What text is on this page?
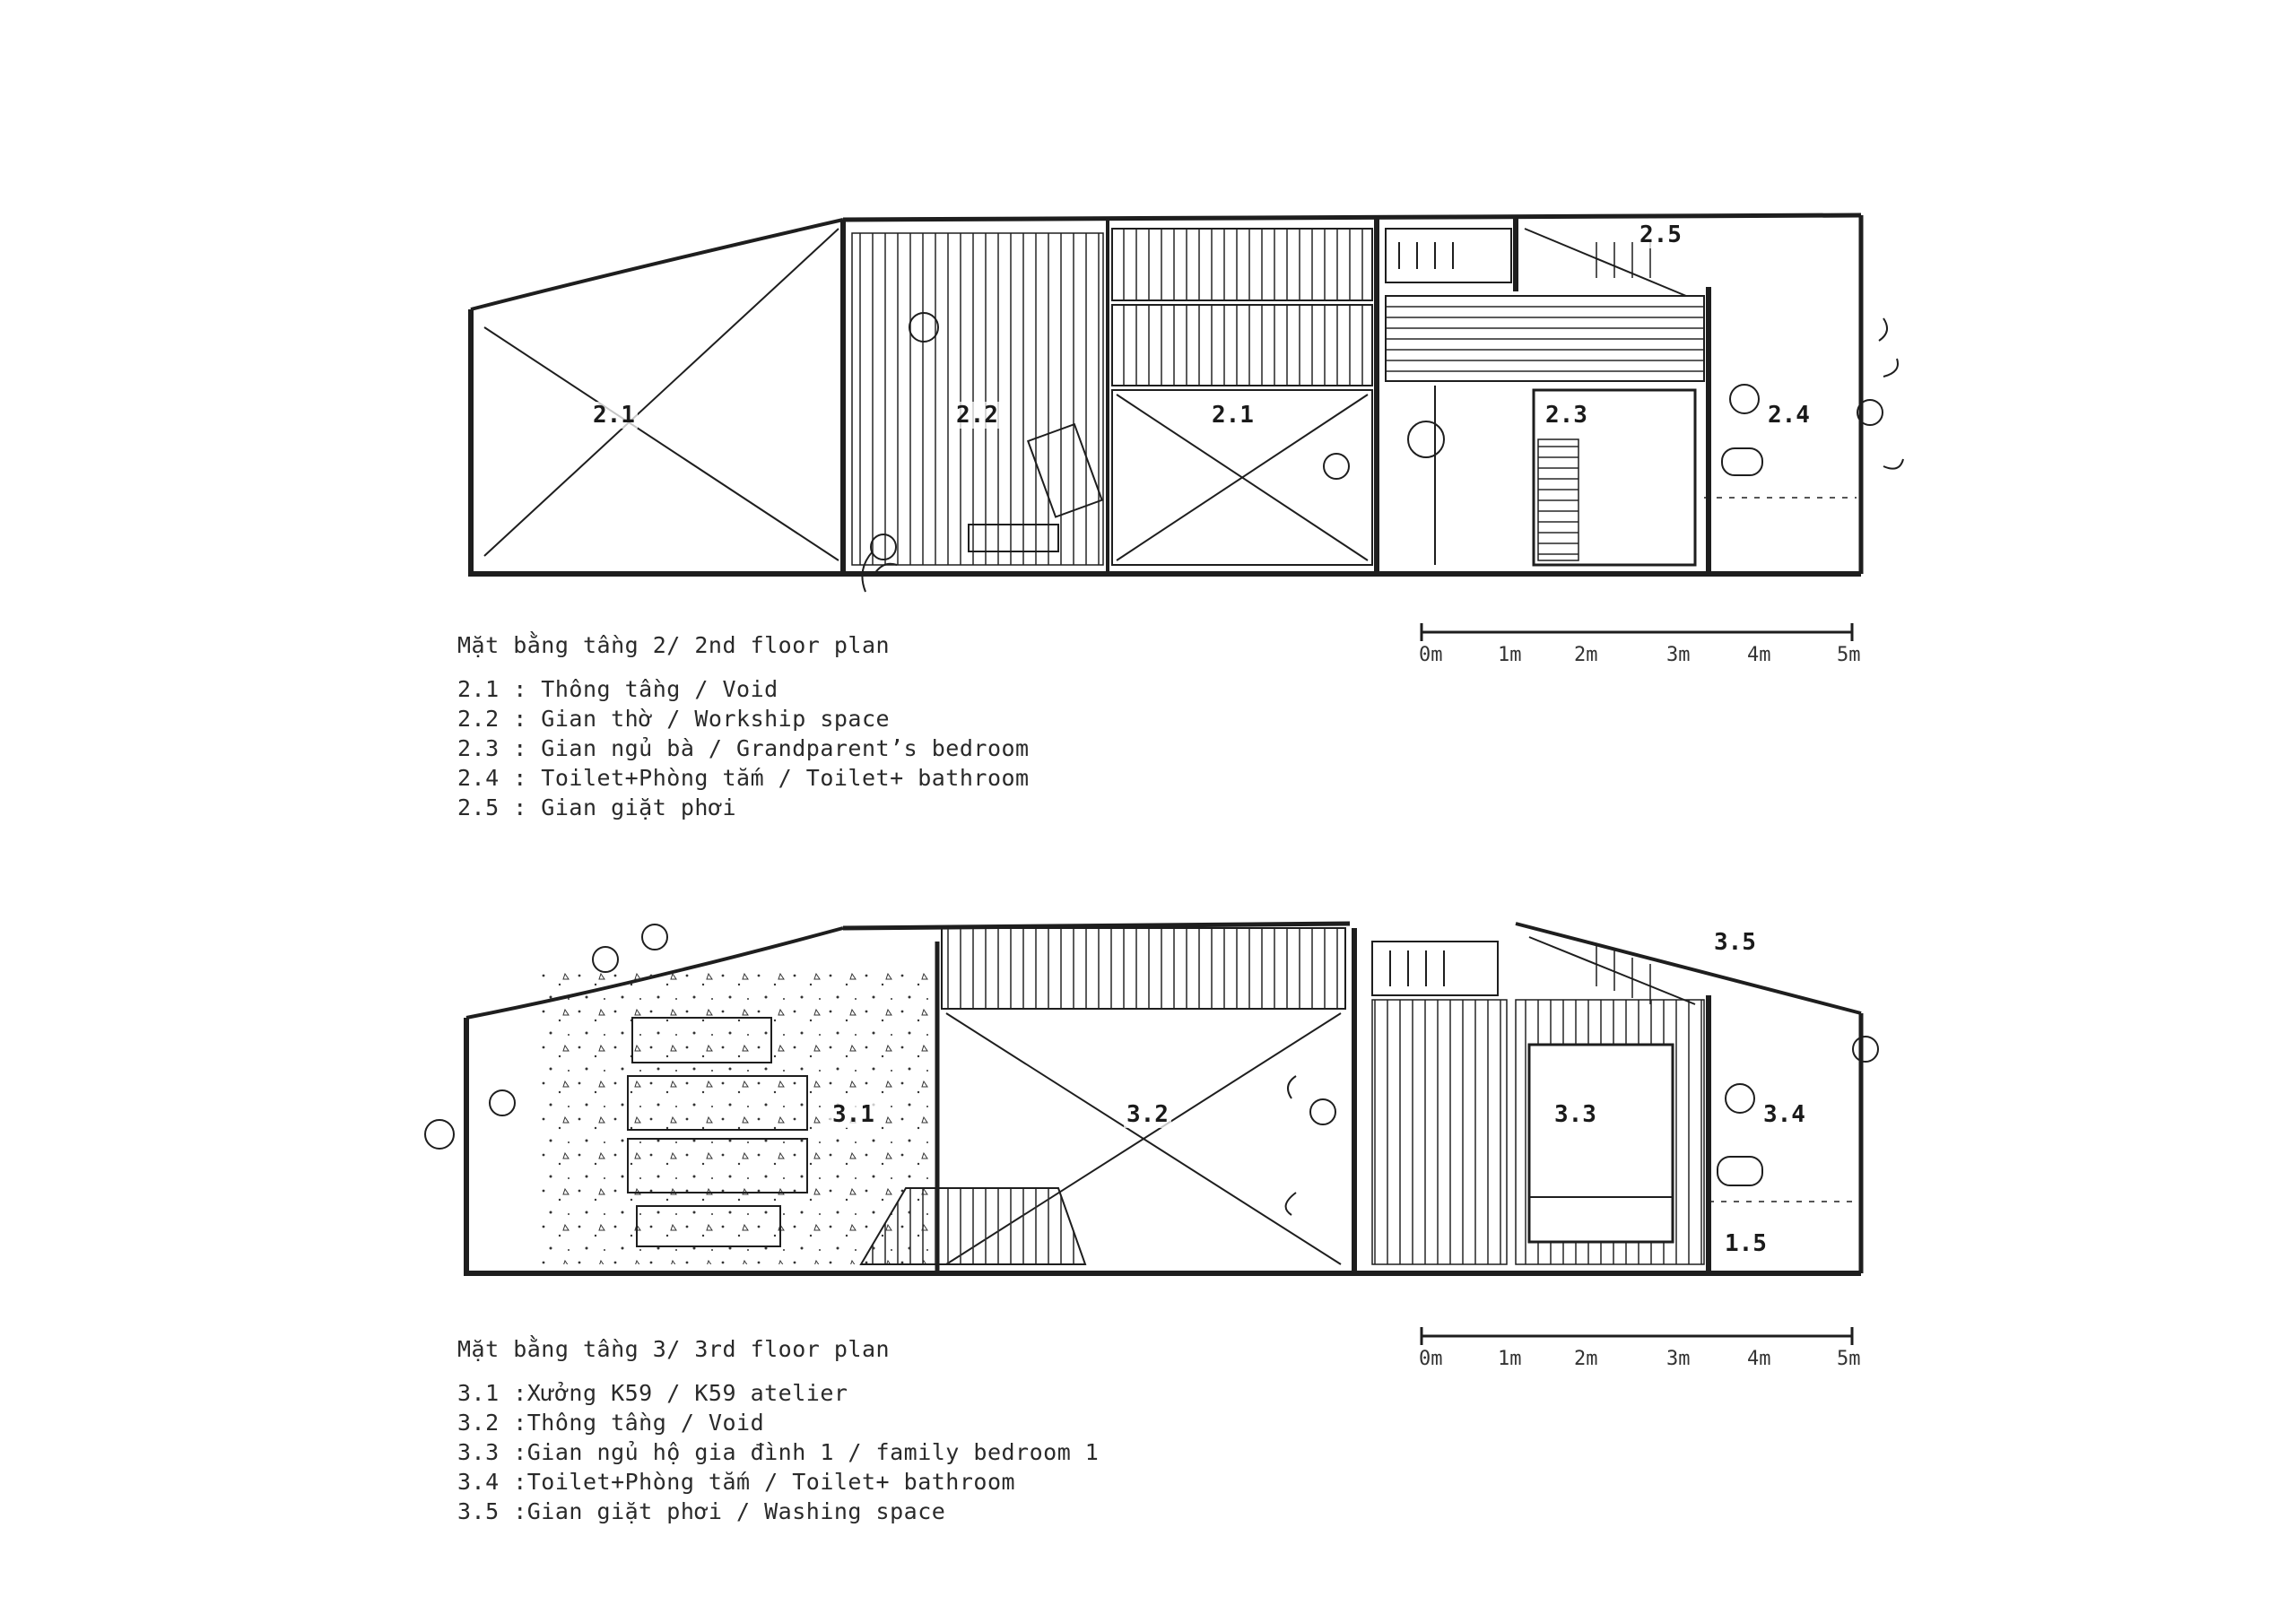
2.1	2.2	2.1	2.3	2.4
2.5
Mặt bằng tầng 2/ 2nd floor plan
2.1 : Thông tầng / Void
2.2 : Gian thờ / Workship space
2.3 : Gian ngủ bà / Grandparent’s bedroom
2.4 : Toilet+Phòng tắm / Toilet+ bathroom
2.5 : Gian giặt phơi
0m	1m	2m	3m	4m	5m
3.1	3.2	3.3	3.4
3.5
1.5
Mặt bằng tầng 3/ 3rd floor plan
3.1 :Xưởng K59 / K59 atelier
3.2 :Thông tầng / Void
3.3 :Gian ngủ hộ gia đình 1 / family bedroom 1
3.4 :Toilet+Phòng tắm / Toilet+ bathroom
3.5 :Gian giặt phơi / Washing space
0m	1m	2m	3m	4m	5m
